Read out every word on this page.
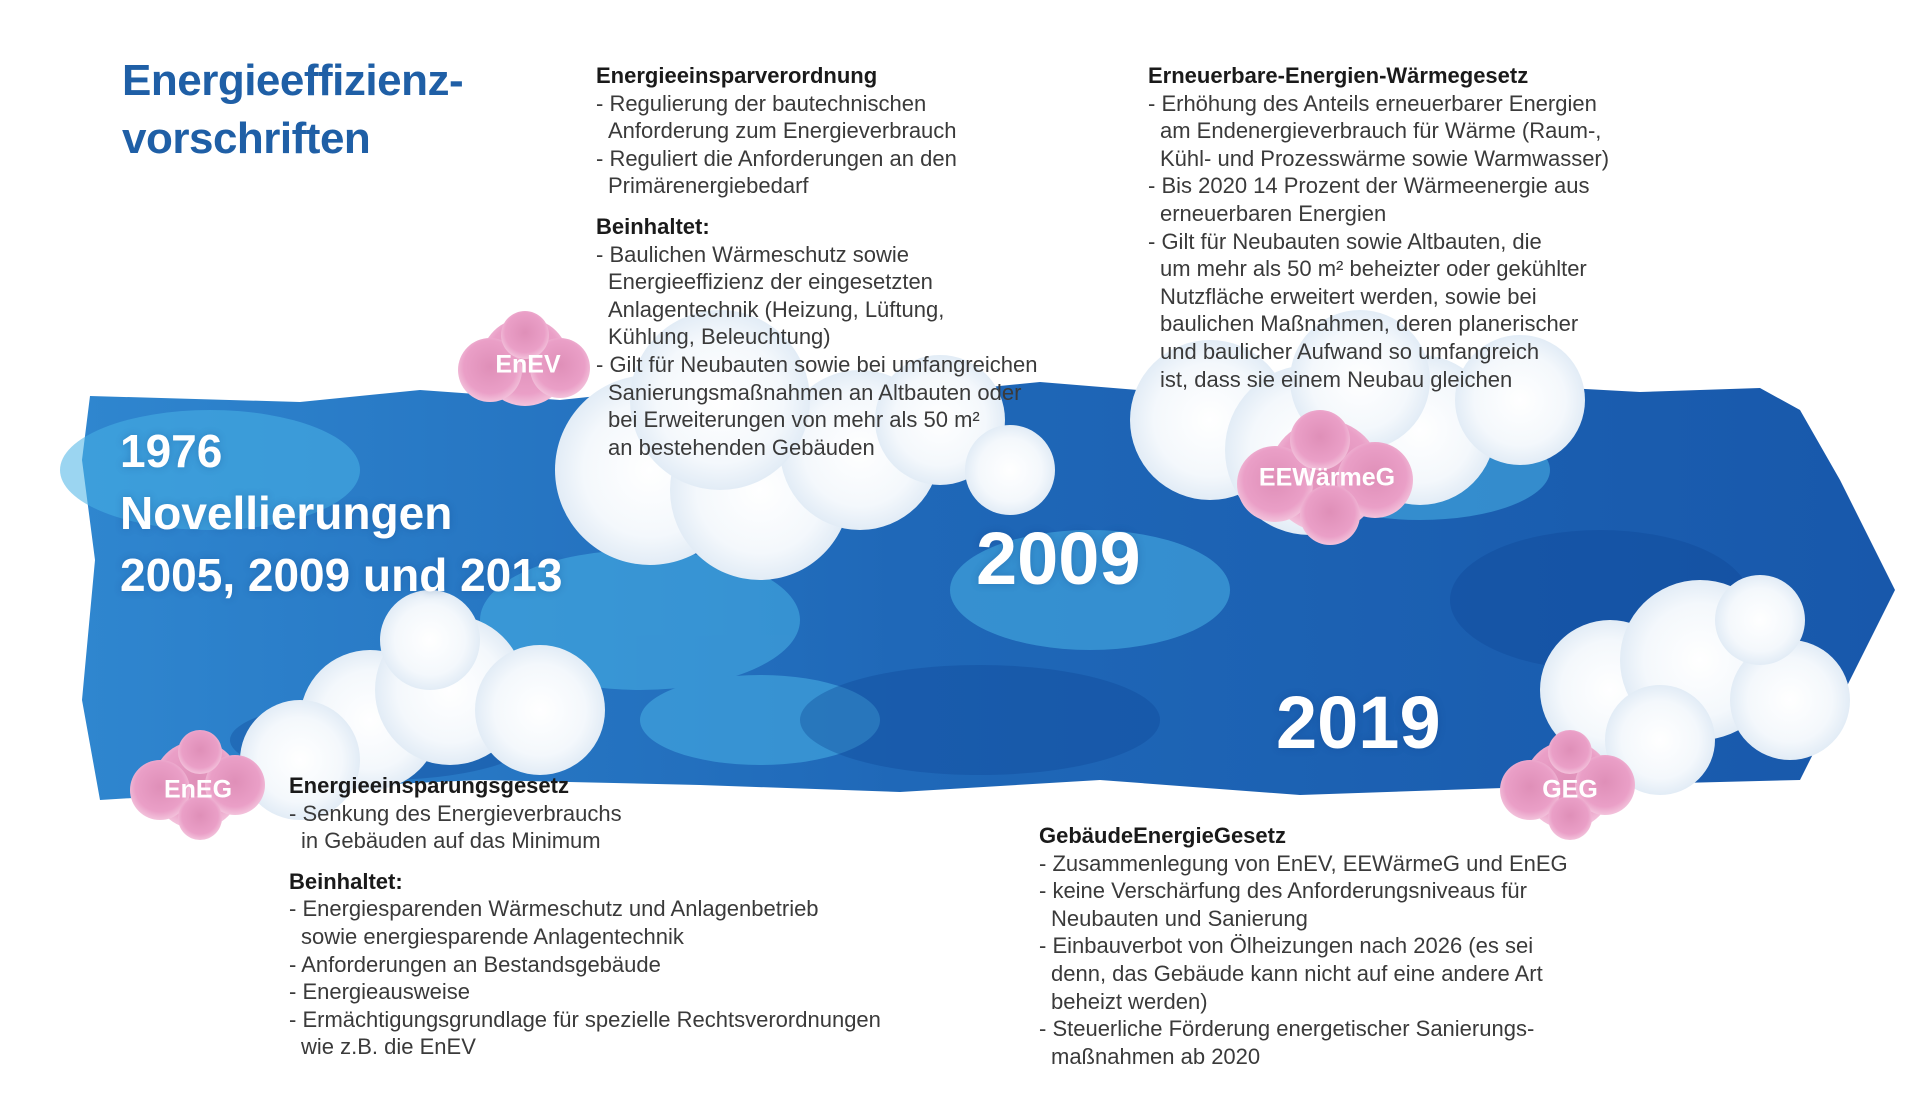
Energieeffizienz-
vorschriften
1976
Novellierungen
2005, 2009 und 2013	2009
2019
EnEV
EEWärmeG
EnEG	GEG
Energieeinsparverordnung
- Regulierung der bautechnischen
Anforderung zum Energieverbrauch
- Reguliert die Anforderungen an den
Primärenergiebedarf
Beinhaltet:
- Baulichen Wärmeschutz sowie
Energieeffizienz der eingesetzten
Anlagentechnik (Heizung, Lüftung,
Kühlung, Beleuchtung)
- Gilt für Neubauten sowie bei umfangreichen
Sanierungsmaßnahmen an Altbauten oder
bei Erweiterungen von mehr als 50 m²
an bestehenden Gebäuden
Erneuerbare-Energien-Wärmegesetz
- Erhöhung des Anteils erneuerbarer Energien
am Endenergieverbrauch für Wärme (Raum-,
Kühl- und Prozesswärme sowie Warmwasser)
- Bis 2020 14 Prozent der Wärmeenergie aus
erneuerbaren Energien
- Gilt für Neubauten sowie Altbauten, die
um mehr als 50 m² beheizter oder gekühlter
Nutzfläche erweitert werden, sowie bei
baulichen Maßnahmen, deren planerischer
und baulicher Aufwand so umfangreich
ist, dass sie einem Neubau gleichen
Energieeinsparungsgesetz
- Senkung des Energieverbrauchs
in Gebäuden auf das Minimum
Beinhaltet:
- Energiesparenden Wärmeschutz und Anlagenbetrieb
sowie energiesparende Anlagentechnik
- Anforderungen an Bestandsgebäude
- Energieausweise
- Ermächtigungsgrundlage für spezielle Rechtsverordnungen
wie z.B. die EnEV
GebäudeEnergieGesetz
- Zusammenlegung von EnEV, EEWärmeG und EnEG
- keine Verschärfung des Anforderungsniveaus für
Neubauten und Sanierung
- Einbauverbot von Ölheizungen nach 2026 (es sei
denn, das Gebäude kann nicht auf eine andere Art
beheizt werden)
- Steuerliche Förderung energetischer Sanierungs-
maßnahmen ab 2020
